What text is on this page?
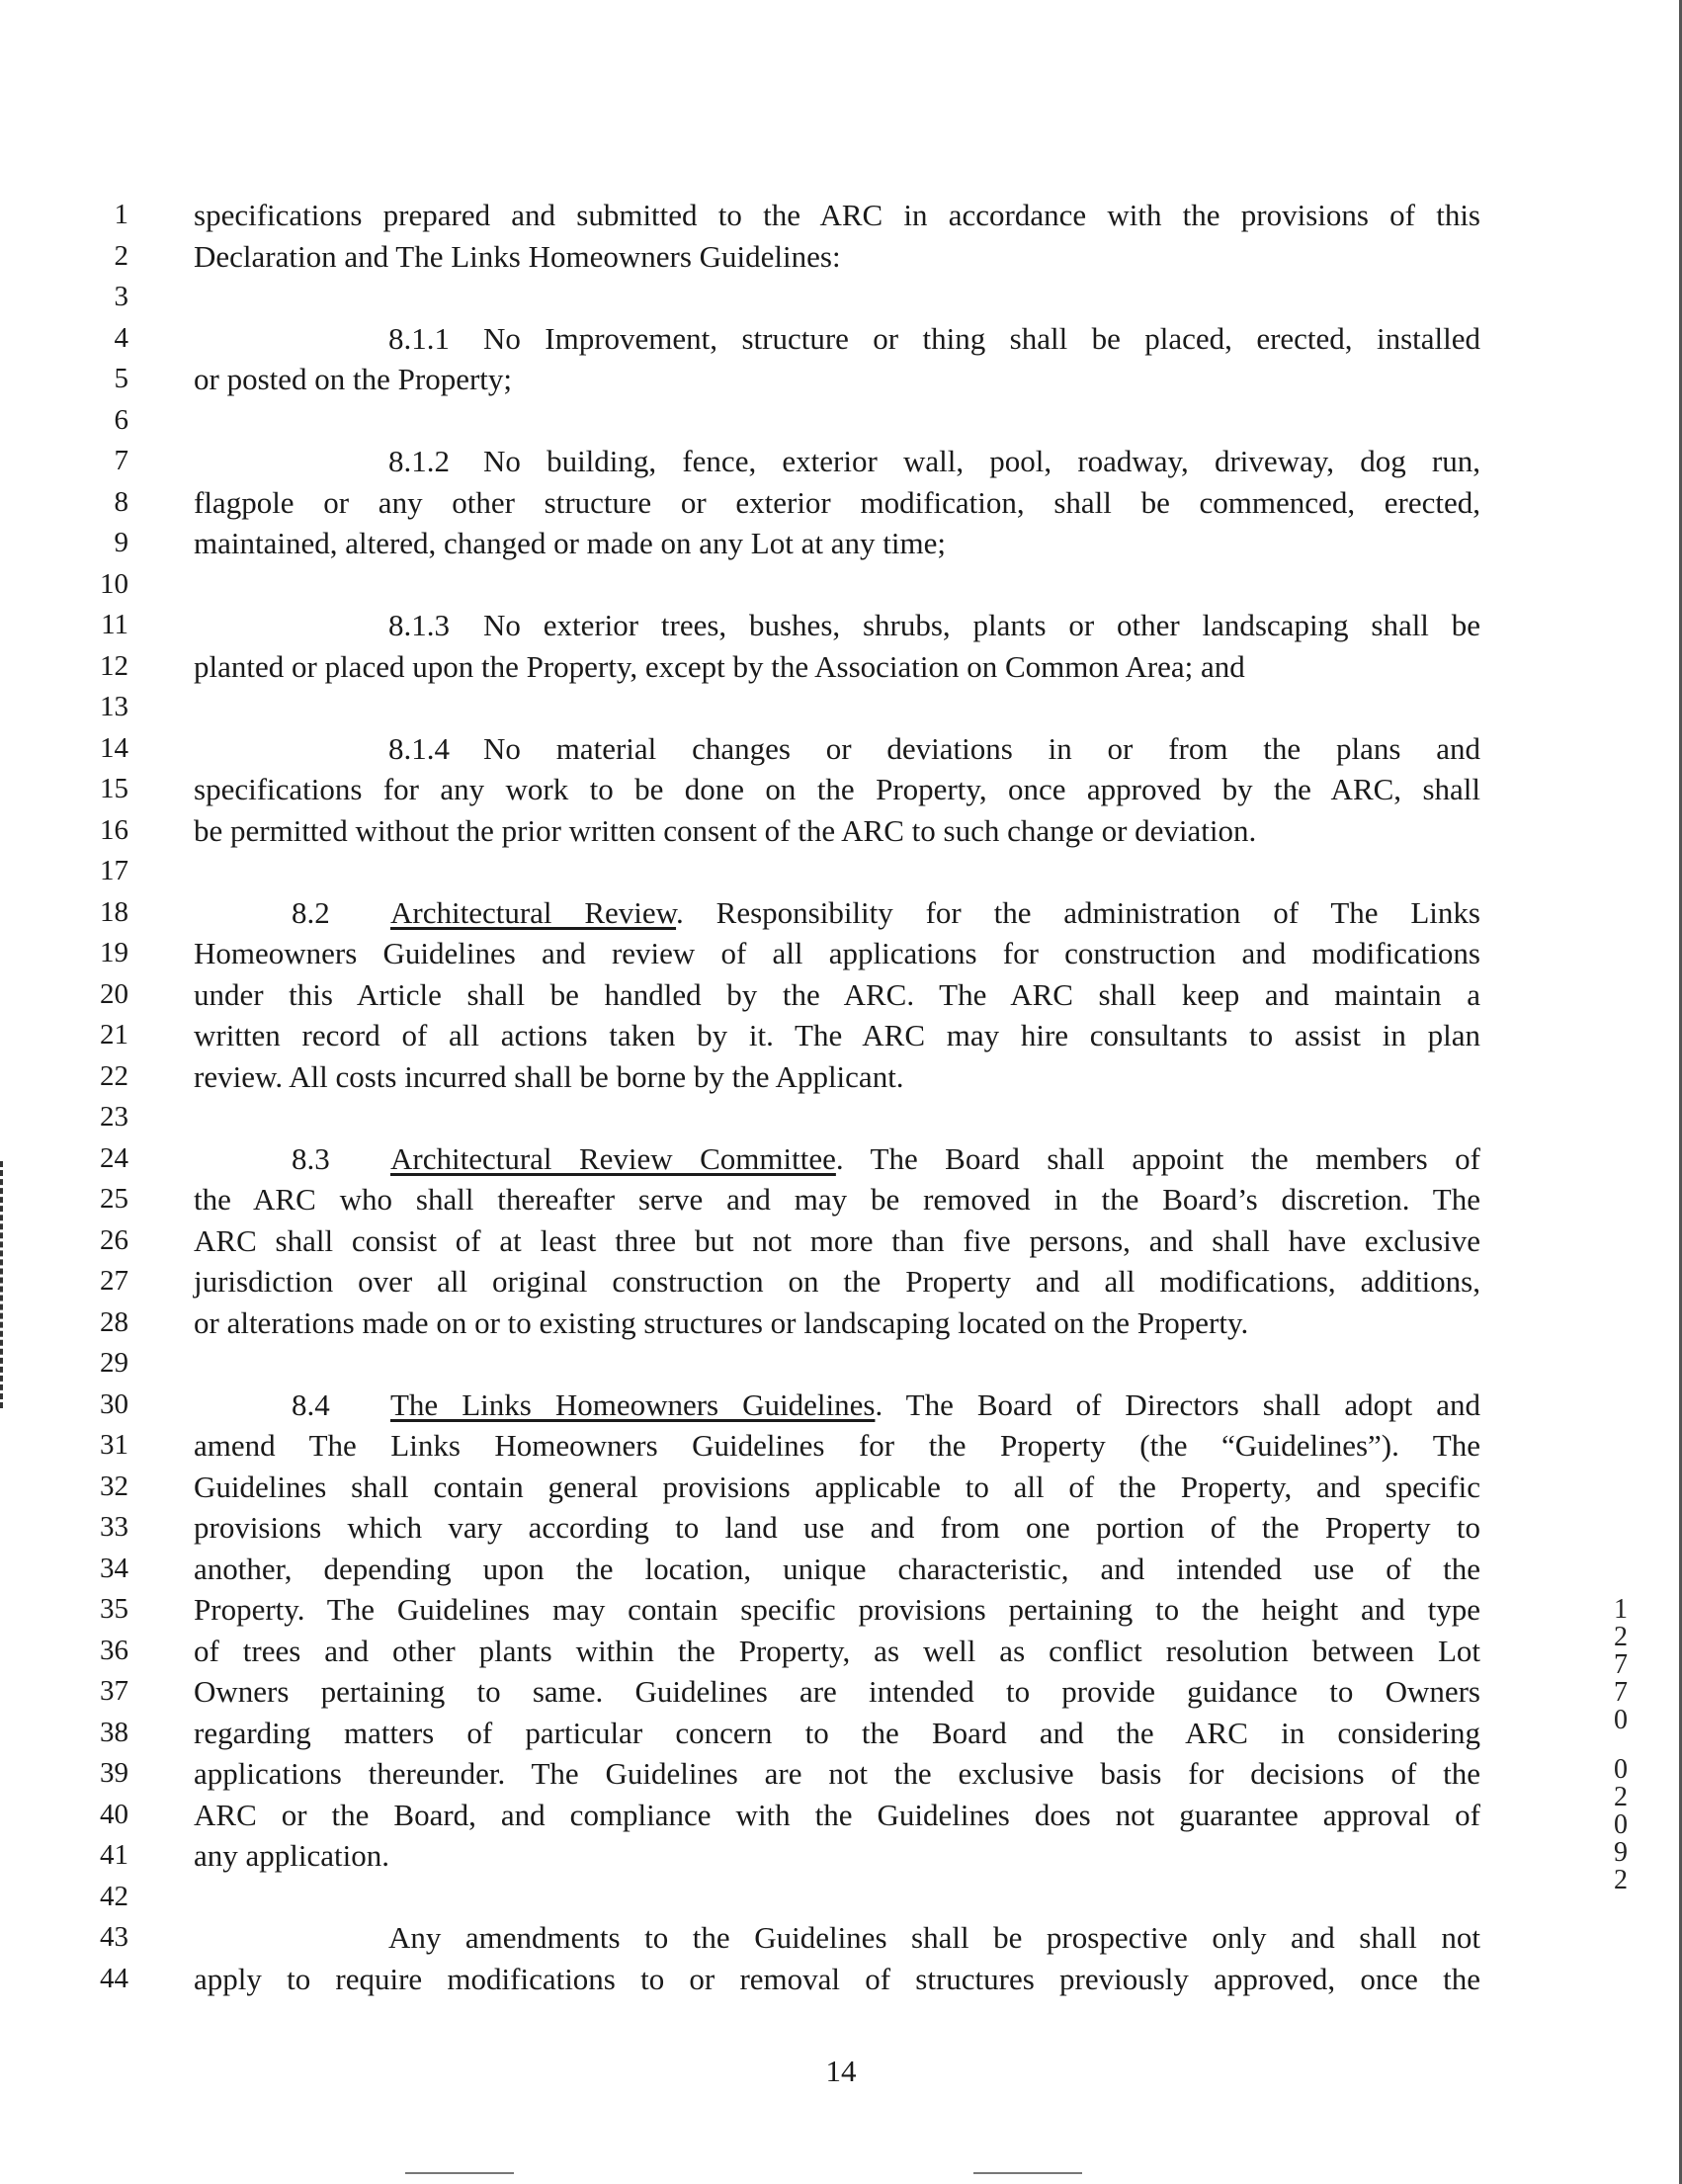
1
2
3
4
5
6
7
8
9
10
11
12
13
14
15
16
17
18
19
20
21
22
23
24
25
26
27
28
29
30
31
32
33
34
35
36
37
38
39
40
41
42
43
44
specifications prepared and submitted to the ARC in accordance with the provisions of this
Declaration and The Links Homeowners Guidelines:
8.1.1 No Improvement, structure or thing shall be placed, erected, installed
or posted on the Property;
8.1.2 No building, fence, exterior wall, pool, roadway, driveway, dog run,
flagpole or any other structure or exterior modification, shall be commenced, erected,
maintained, altered, changed or made on any Lot at any time;
8.1.3 No exterior trees, bushes, shrubs, plants or other landscaping shall be
planted or placed upon the Property, except by the Association on Common Area; and
8.1.4 No material changes or deviations in or from the plans and
specifications for any work to be done on the Property, once approved by the ARC, shall
be permitted without the prior written consent of the ARC to such change or deviation.
8.2 Architectural Review. Responsibility for the administration of The Links
Homeowners Guidelines and review of all applications for construction and modifications
under this Article shall be handled by the ARC. The ARC shall keep and maintain a
written record of all actions taken by it. The ARC may hire consultants to assist in plan
review. All costs incurred shall be borne by the Applicant.
8.3 Architectural Review Committee. The Board shall appoint the members of
the ARC who shall thereafter serve and may be removed in the Board’s discretion. The
ARC shall consist of at least three but not more than five persons, and shall have exclusive
jurisdiction over all original construction on the Property and all modifications, additions,
or alterations made on or to existing structures or landscaping located on the Property.
8.4 The Links Homeowners Guidelines. The Board of Directors shall adopt and
amend The Links Homeowners Guidelines for the Property (the “Guidelines”). The
Guidelines shall contain general provisions applicable to all of the Property, and specific
provisions which vary according to land use and from one portion of the Property to
another, depending upon the location, unique characteristic, and intended use of the
Property. The Guidelines may contain specific provisions pertaining to the height and type
of trees and other plants within the Property, as well as conflict resolution between Lot
Owners pertaining to same. Guidelines are intended to provide guidance to Owners
regarding matters of particular concern to the Board and the ARC in considering
applications thereunder. The Guidelines are not the exclusive basis for decisions of the
ARC or the Board, and compliance with the Guidelines does not guarantee approval of
any application.
Any amendments to the Guidelines shall be prospective only and shall not
apply to require modifications to or removal of structures previously approved, once the
14
1
2
7
7
0
0
2
0
9
2
